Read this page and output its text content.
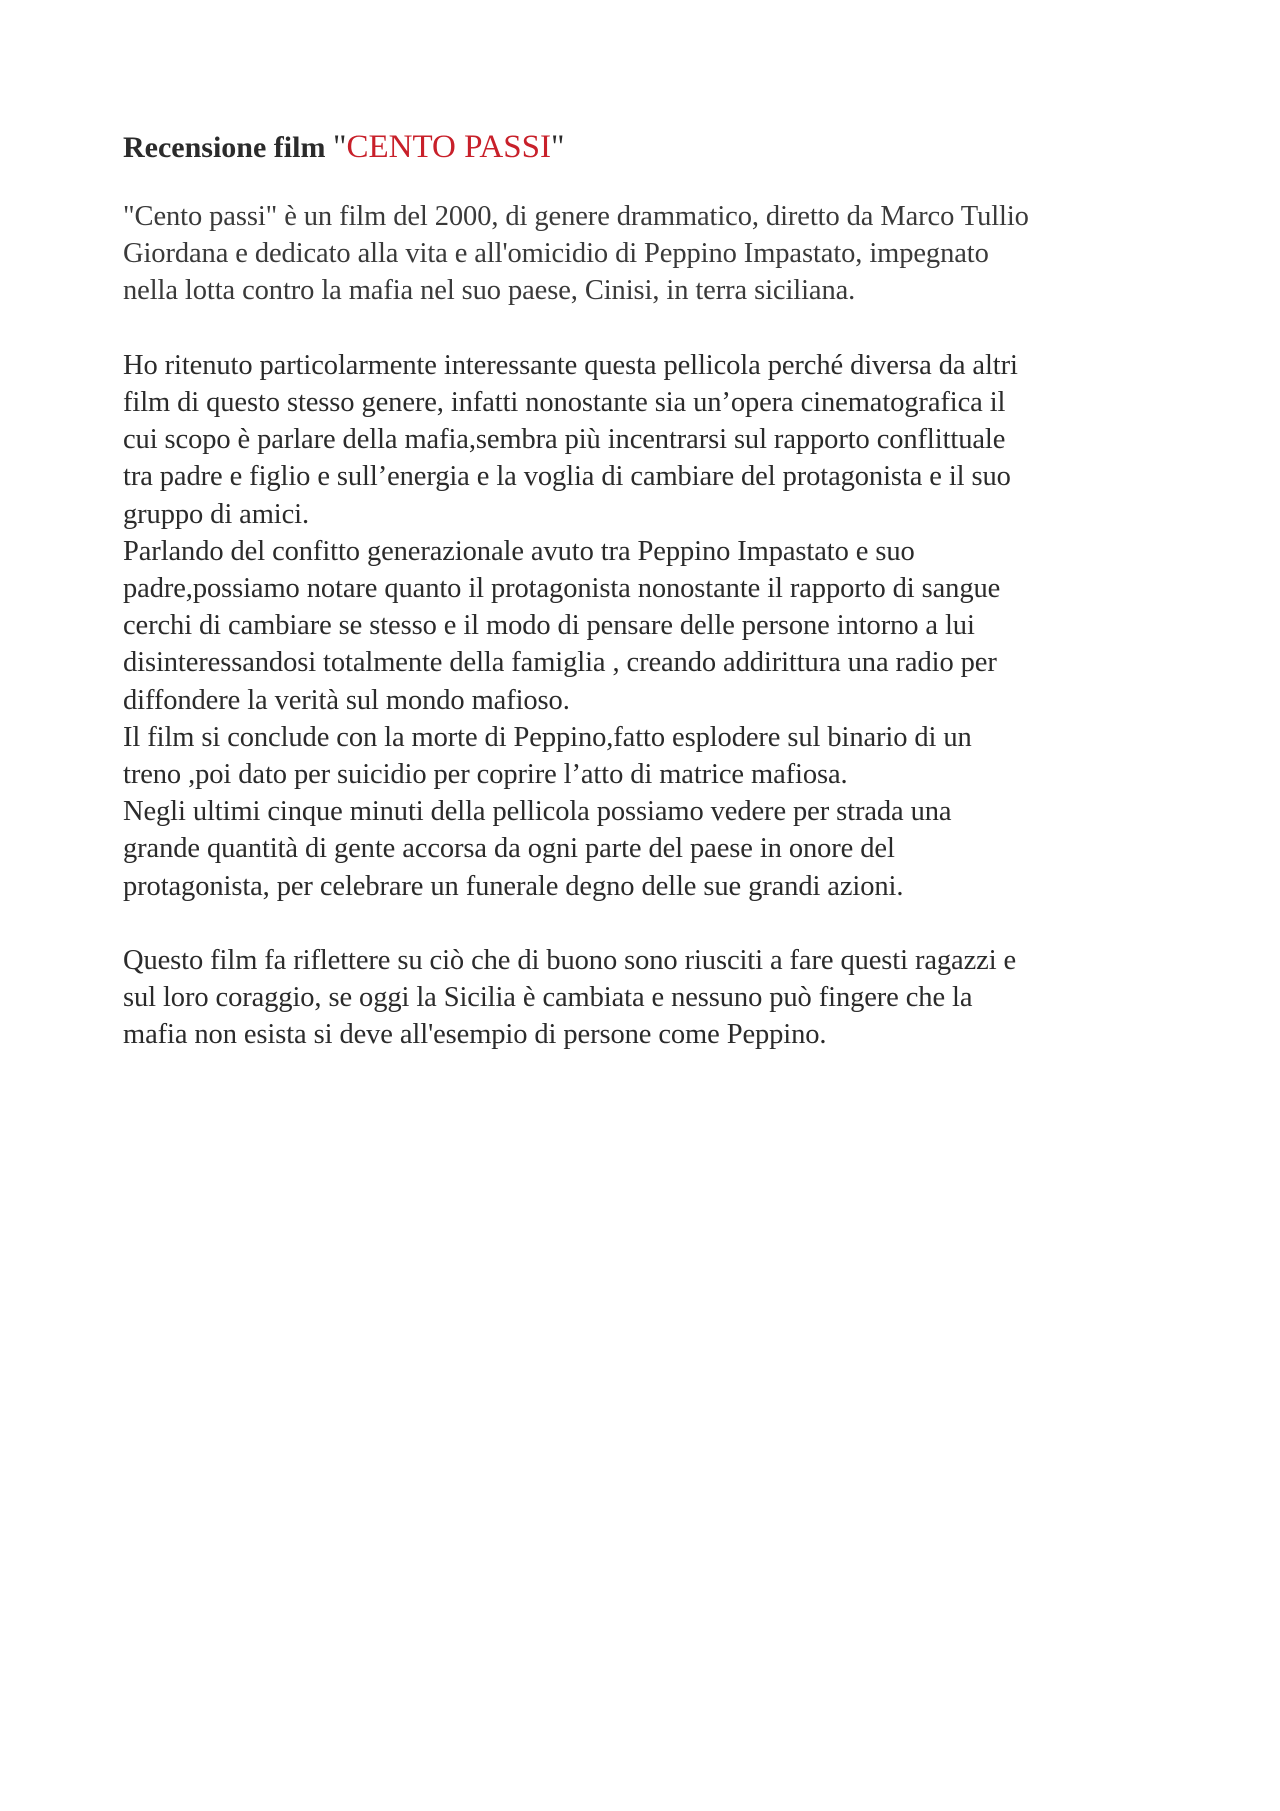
Recensione film "CENTO PASSI"

"Cento passi" è un film del 2000, di genere drammatico, diretto da Marco Tullio
Giordana e dedicato alla vita e all'omicidio di Peppino Impastato, impegnato
nella lotta contro la mafia nel suo paese, Cinisi, in terra siciliana.

Ho ritenuto particolarmente interessante questa pellicola perché diversa da altri
film di questo stesso genere, infatti nonostante sia un’opera cinematografica il
cui scopo è parlare della mafia,sembra più incentrarsi sul rapporto conflittuale
tra padre e figlio e sull’energia e la voglia di cambiare del protagonista e il suo
gruppo di amici.
Parlando del confitto generazionale avuto tra Peppino Impastato e suo
padre,possiamo notare quanto il protagonista nonostante il rapporto di sangue
cerchi di cambiare se stesso e il modo di pensare delle persone intorno a lui
disinteressandosi totalmente della famiglia , creando addirittura una radio per
diffondere la verità sul mondo mafioso.
Il film si conclude con la morte di Peppino,fatto esplodere sul binario di un
treno ,poi dato per suicidio per coprire l’atto di matrice mafiosa.
Negli ultimi cinque minuti della pellicola possiamo vedere per strada una
grande quantità di gente accorsa da ogni parte del paese in onore del
protagonista, per celebrare un funerale degno delle sue grandi azioni.

Questo film fa riflettere su ciò che di buono sono riusciti a fare questi ragazzi e
sul loro coraggio, se oggi la Sicilia è cambiata e nessuno può fingere che la
mafia non esista si deve all'esempio di persone come Peppino.
